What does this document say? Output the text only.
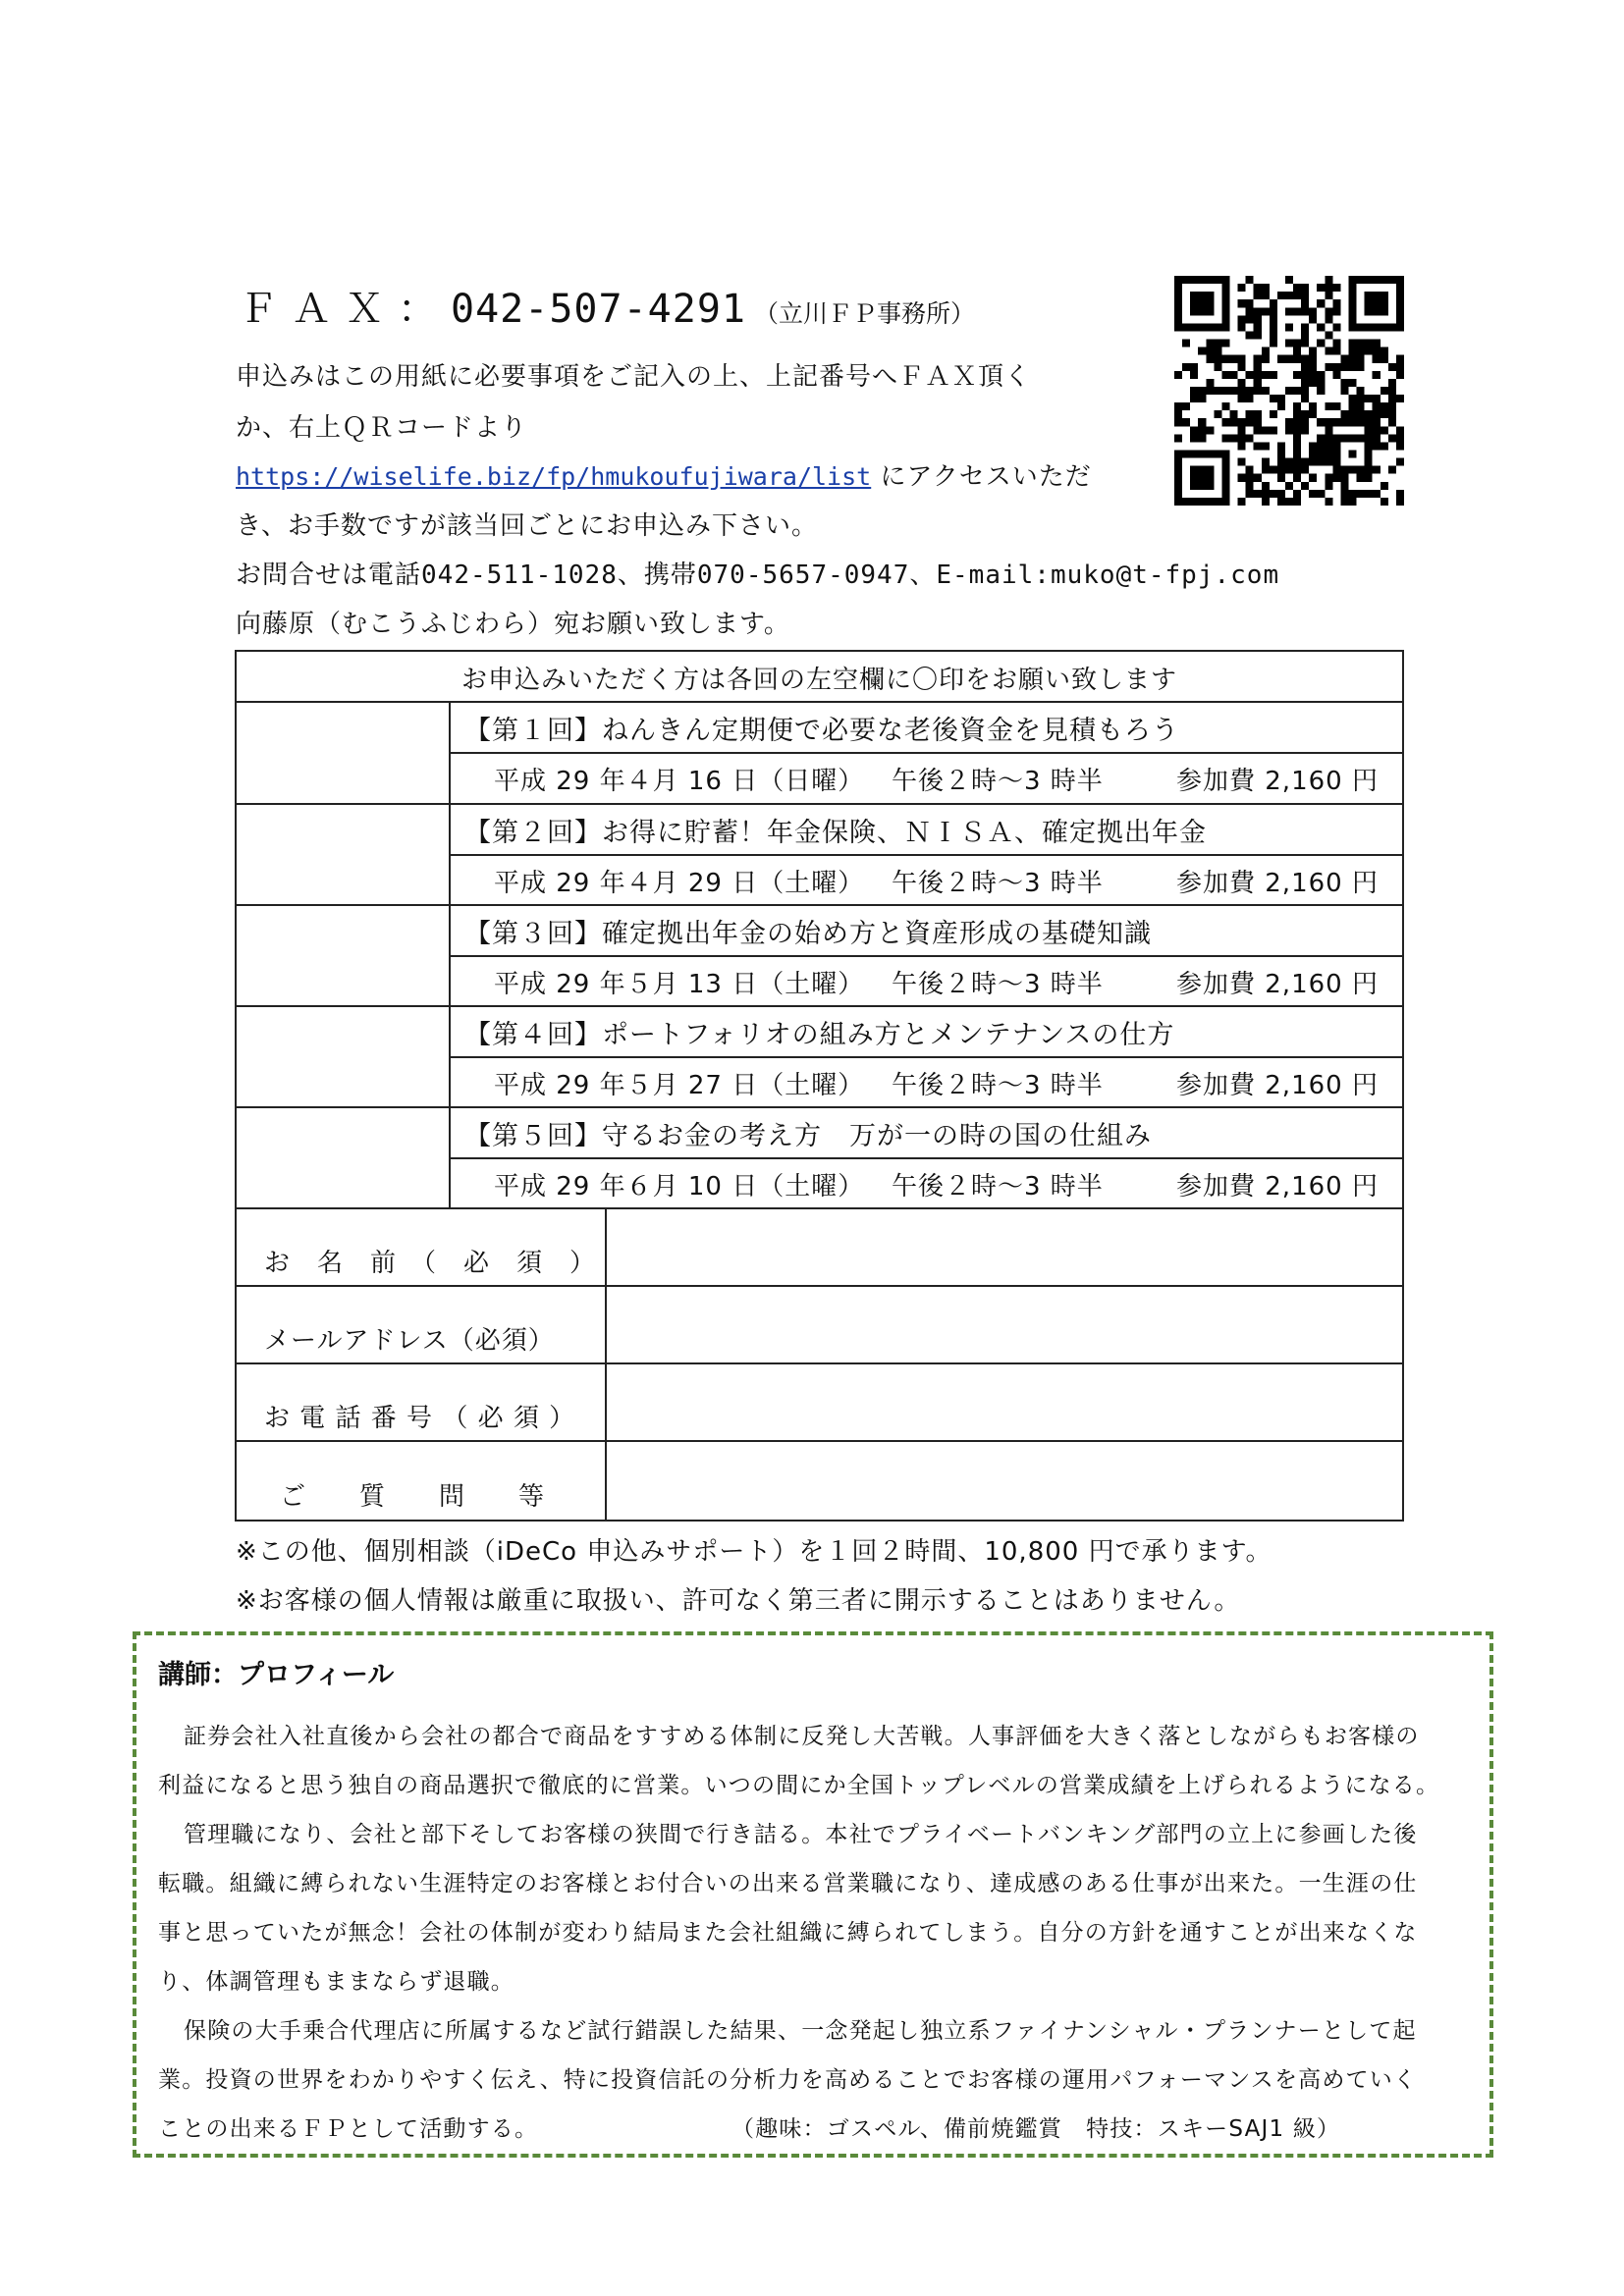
ＦＡＸ：042-507-4291 （立川ＦＰ事務所）
申込みはこの用紙に必要事項をご記入の上、上記番号へＦＡＸ頂く
か、右上ＱＲコードより
https://wiselife.biz/fp/hmukoufujiwara/list にアクセスいただ
き、お手数ですが該当回ごとにお申込み下さい。
お問合せは電話042-511-1028、携帯070-5657-0947、E-mail:muko@t-fpj.com
向藤原（むこうふじわら）宛お願い致します。
お申込みいただく方は各回の左空欄に〇印をお願い致します
【第１回】ねんきん定期便で必要な老後資金を見積もろう
平成 29 年４月 16 日（日曜） 午後２時～3 時半	参加費 2,160 円
【第２回】お得に貯蓄！年金保険、ＮＩＳＡ、確定拠出年金
平成 29 年４月 29 日（土曜） 午後２時～3 時半	参加費 2,160 円
【第３回】確定拠出年金の始め方と資産形成の基礎知識
平成 29 年５月 13 日（土曜） 午後２時～3 時半	参加費 2,160 円
【第４回】ポートフォリオの組み方とメンテナンスの仕方
平成 29 年５月 27 日（土曜） 午後２時～3 時半	参加費 2,160 円
【第５回】守るお金の考え方　万が一の時の国の仕組み
平成 29 年６月 10 日（土曜） 午後２時～3 時半	参加費 2,160 円
お　名　前　（　必　須　）
メールアドレス（必須）
お 電 話 番 号 （ 必 須 ）
ご　　質　　問　　等
※この他、個別相談（iDeCo 申込みサポート）を１回２時間、10,800 円で承ります。
※お客様の個人情報は厳重に取扱い、許可なく第三者に開示することはありません。
講師：プロフィール
証券会社入社直後から会社の都合で商品をすすめる体制に反発し大苦戦。人事評価を大きく落としながらもお客様の
利益になると思う独自の商品選択で徹底的に営業。いつの間にか全国トップレベルの営業成績を上げられるようになる。
管理職になり、会社と部下そしてお客様の狭間で行き詰る。本社でプライベートバンキング部門の立上に参画した後
転職。組織に縛られない生涯特定のお客様とお付合いの出来る営業職になり、達成感のある仕事が出来た。一生涯の仕
事と思っていたが無念！会社の体制が変わり結局また会社組織に縛られてしまう。自分の方針を通すことが出来なくな
り、体調管理もままならず退職。
保険の大手乗合代理店に所属するなど試行錯誤した結果、一念発起し独立系ファイナンシャル・プランナーとして起
業。投資の世界をわかりやすく伝え、特に投資信託の分析力を高めることでお客様の運用パフォーマンスを高めていく
ことの出来るＦＰとして活動する。	（趣味：ゴスペル、備前焼鑑賞　特技：スキーSAJ1 級）
